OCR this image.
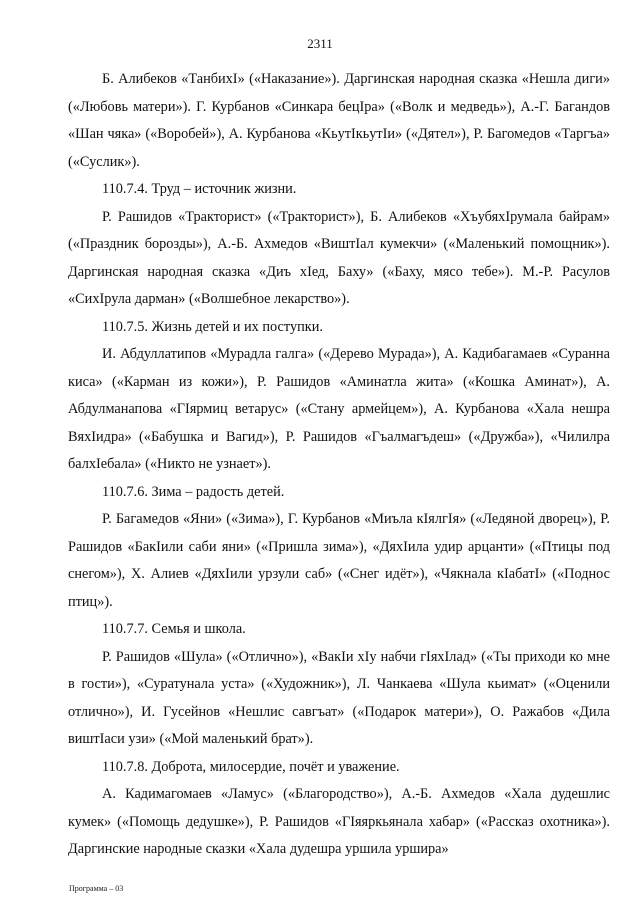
2311

Б. Алибеков «ТанбихI» («Наказание»). Даргинская народная сказка «Нешла диги» («Любовь матери»). Г. Курбанов «Синкара бецIра» («Волк и медведь»), А.-Г. Багандов «Шан чяка» («Воробей»), А. Курбанова «КьутIкьутIи» («Дятел»), Р. Багомедов «Таргъа» («Суслик»).

110.7.4. Труд – источник жизни.

Р. Рашидов «Тракторист» («Тракторист»), Б. Алибеков «ХъубяхIрумала байрам» («Праздник борозды»), А.-Б. Ахмедов «ВиштIал кумекчи» («Маленький помощник»). Даргинская народная сказка «Диъ хIед, Баху» («Баху, мясо тебе»). М.-Р. Расулов «СихIрула дарман» («Волшебное лекарство»).

110.7.5. Жизнь детей и их поступки.

И. Абдуллатипов «Мурадла галга» («Дерево Мурада»), А. Кадибагамаев «Суранна киса» («Карман из кожи»), Р. Рашидов «Аминатла жита» («Кошка Аминат»), А. Абдулманапова «ГIярмиц ветарус» («Стану армейцем»), А. Курбанова «Хала нешра ВяхIидра» («Бабушка и Вагид»), Р. Рашидов «Гъалмагъдеш» («Дружба»), «Чилилра балхIебала» («Никто не узнает»).

110.7.6. Зима – радость детей.

Р. Багамедов «Яни» («Зима»), Г. Курбанов «Миъла кIялгIя» («Ледяной дворец»), Р. Рашидов «БакIили саби яни» («Пришла зима»), «ДяхIила удир арцанти» («Птицы под снегом»), Х. Алиев «ДяхIили урзули саб» («Снег идёт»), «Чякнала кIабатI» («Поднос птиц»).

110.7.7. Семья и школа.

Р. Рашидов «Шула» («Отлично»), «ВакIи хIу набчи гIяхIлад» («Ты приходи ко мне в гости»), «Суратунала уста» («Художник»), Л. Чанкаева «Шула кьимат» («Оценили отлично»), И. Гусейнов «Нешлис савгъат» («Подарок матери»), О. Ражабов «Дила виштIаси узи» («Мой маленький брат»).

110.7.8. Доброта, милосердие, почёт и уважение.

А. Кадимагомаев «Ламус» («Благородство»), А.-Б. Ахмедов «Хала дудешлис кумек» («Помощь дедушке»), Р. Рашидов «ГIяяркьянала хабар» («Рассказ охотника»). Даргинские народные сказки «Хала дудешра уршила уршира»

Программа – 03
